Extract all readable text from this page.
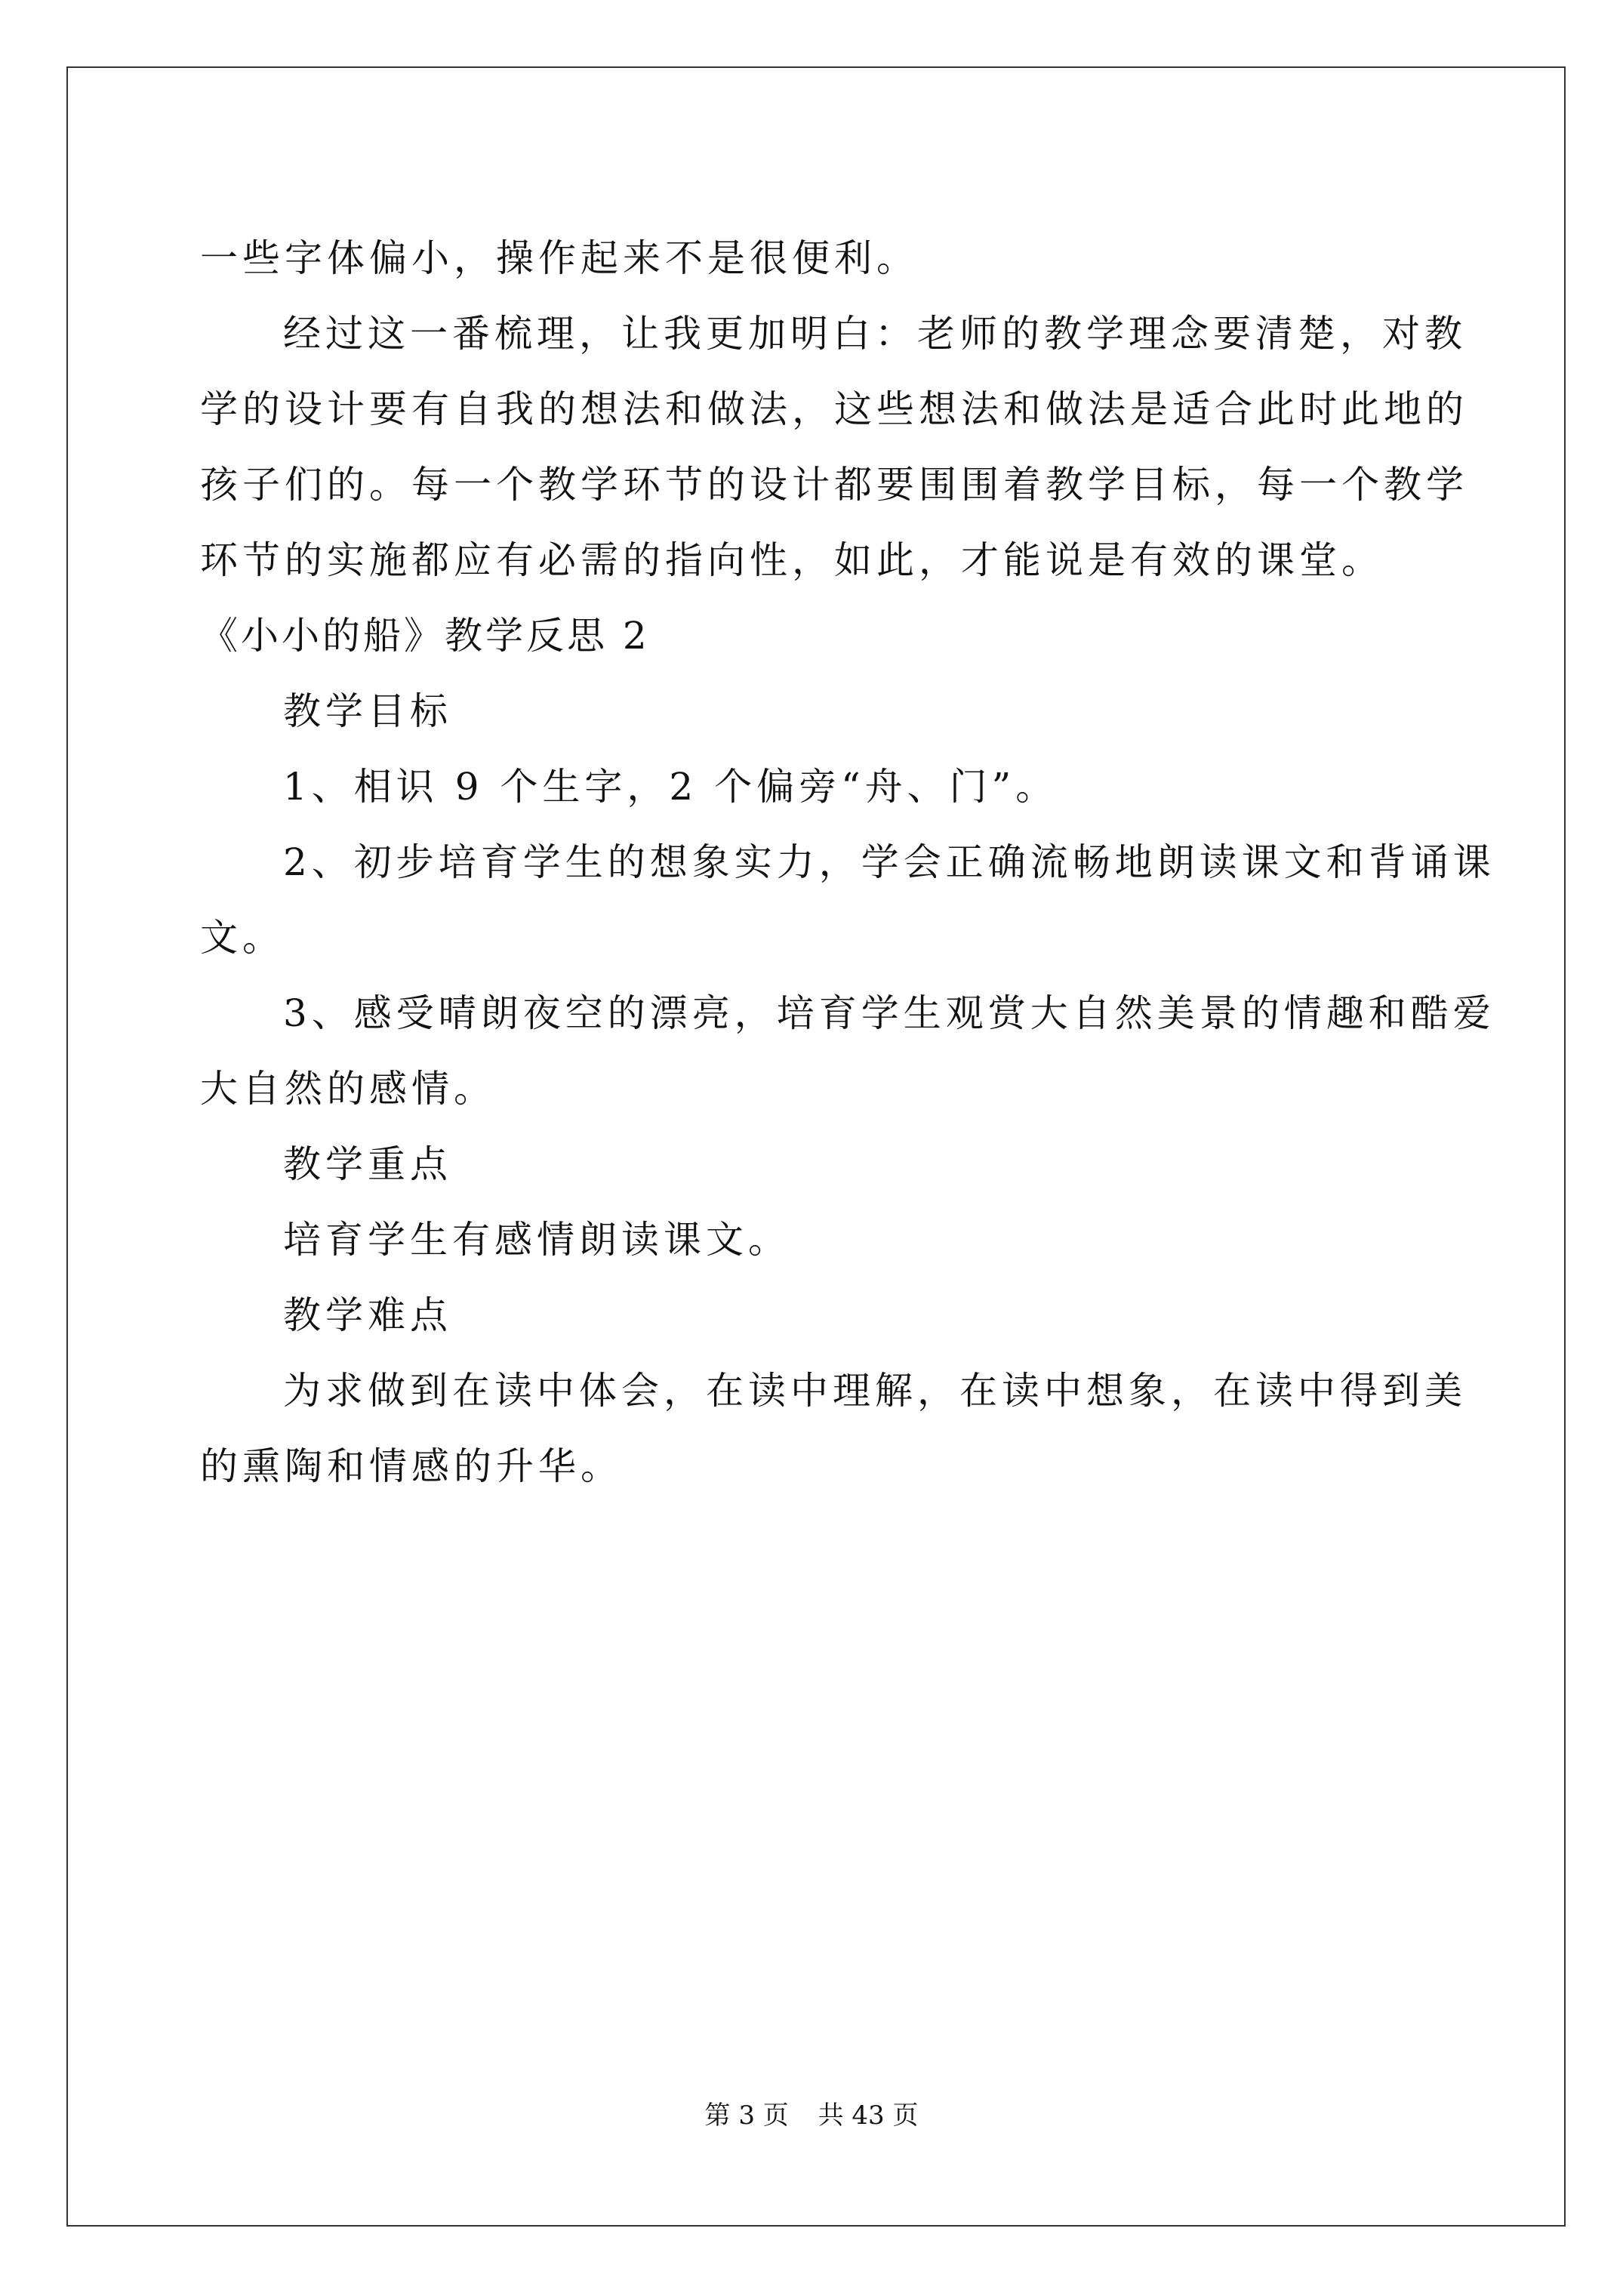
一些字体偏小，操作起来不是很便利。
经过这一番梳理，让我更加明白：老师的教学理念要清楚，对教
学的设计要有自我的想法和做法，这些想法和做法是适合此时此地的
孩子们的。每一个教学环节的设计都要围围着教学目标，每一个教学
环节的实施都应有必需的指向性，如此，才能说是有效的课堂。
《小小的船》教学反思 2
教学目标
1、相识 9 个生字，2 个偏旁“舟、门”。
2、初步培育学生的想象实力，学会正确流畅地朗读课文和背诵课
文。
3、感受晴朗夜空的漂亮，培育学生观赏大自然美景的情趣和酷爱
大自然的感情。
教学重点
培育学生有感情朗读课文。
教学难点
为求做到在读中体会，在读中理解，在读中想象，在读中得到美
的熏陶和情感的升华。
第 3 页 共 43 页
